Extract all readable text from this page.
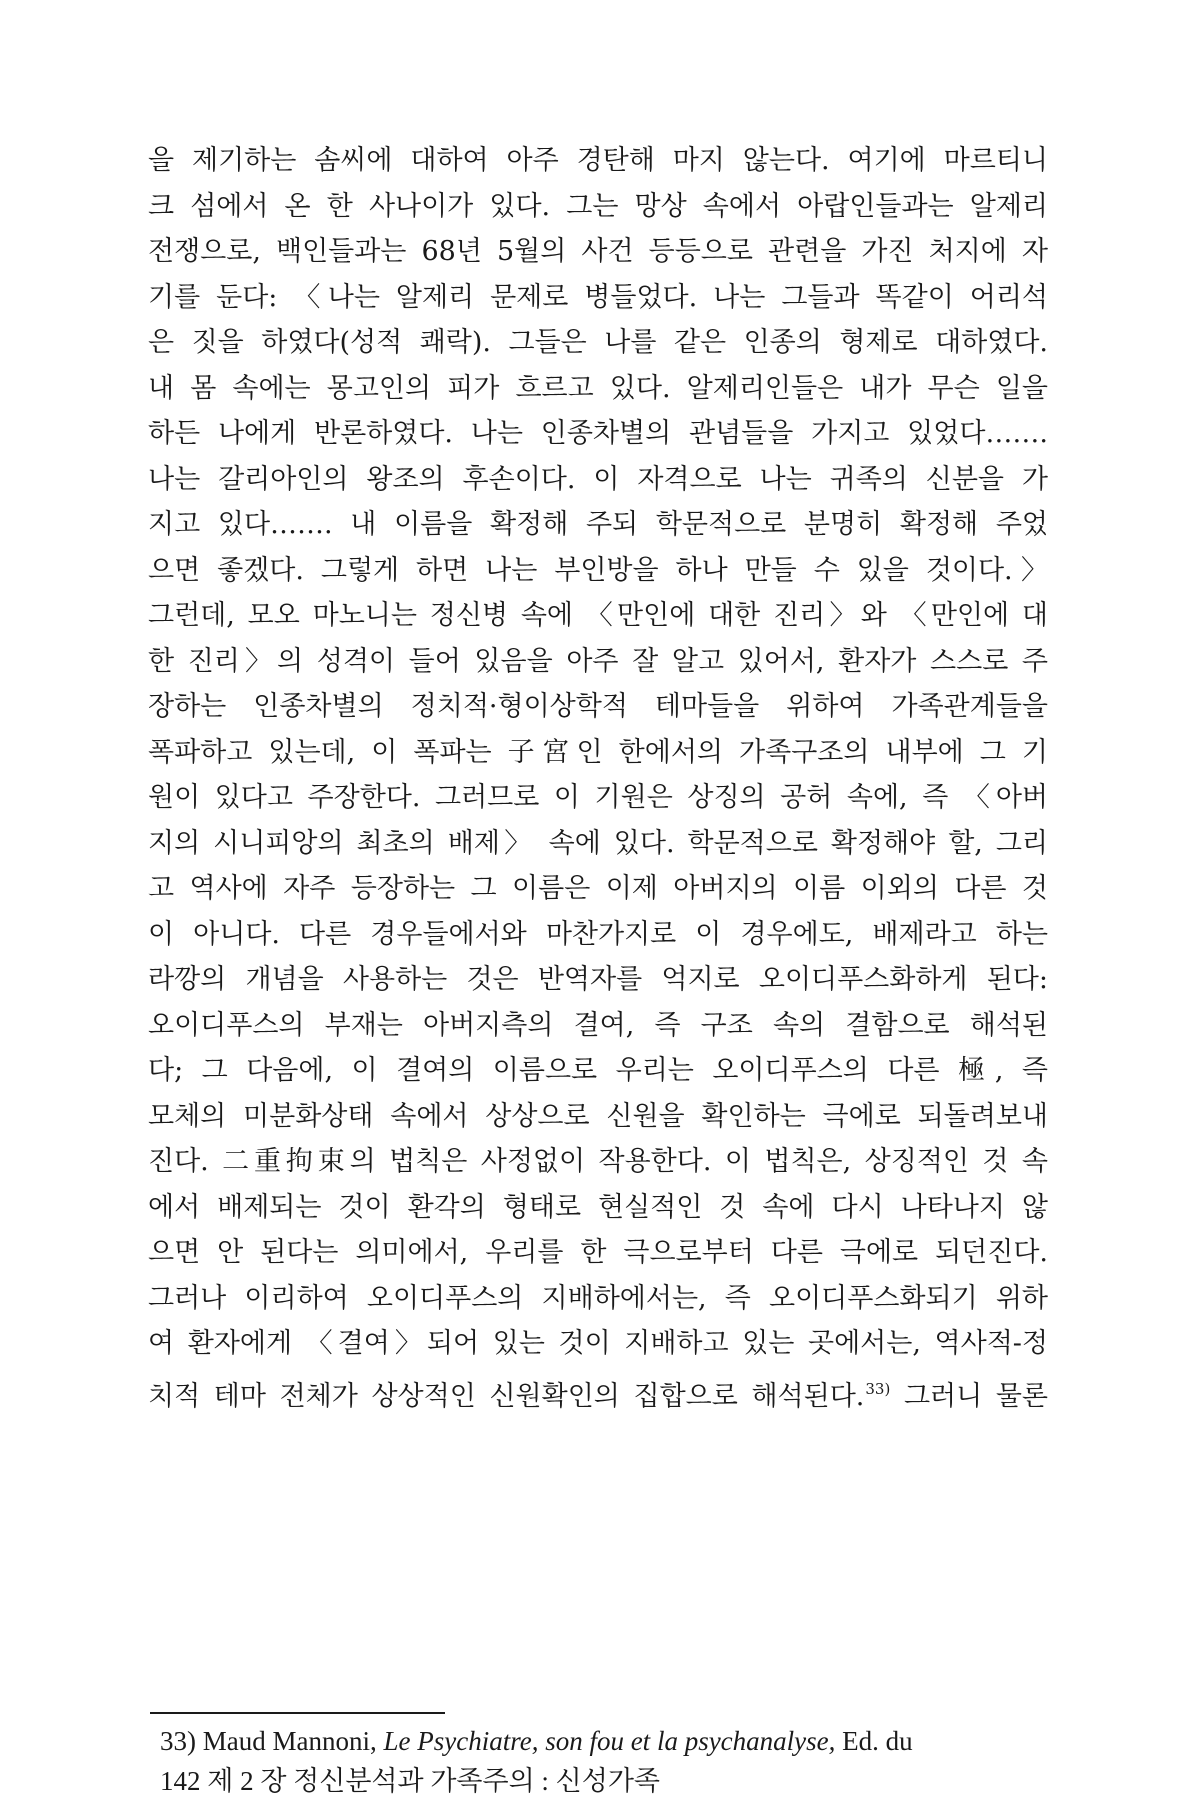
을 제기하는 솜씨에 대하여 아주 경탄해 마지 않는다. 여기에 마르티니
크 섬에서 온 한 사나이가 있다. 그는 망상 속에서 아랍인들과는 알제리
전쟁으로, 백인들과는 68년 5월의 사건 등등으로 관련을 가진 처지에 자
기를 둔다: 〈나는 알제리 문제로 병들었다. 나는 그들과 똑같이 어리석
은 짓을 하였다(성적 쾌락). 그들은 나를 같은 인종의 형제로 대하였다.
내 몸 속에는 몽고인의 피가 흐르고 있다. 알제리인들은 내가 무슨 일을
하든 나에게 반론하였다. 나는 인종차별의 관념들을 가지고 있었다…….
나는 갈리아인의 왕조의 후손이다. 이 자격으로 나는 귀족의 신분을 가
지고 있다……. 내 이름을 확정해 주되 학문적으로 분명히 확정해 주었
으면 좋겠다. 그렇게 하면 나는 부인방을 하나 만들 수 있을 것이다.〉
그런데, 모오 마노니는 정신병 속에 〈만인에 대한 진리〉와 〈만인에 대
한 진리〉의 성격이 들어 있음을 아주 잘 알고 있어서, 환자가 스스로 주
장하는 인종차별의 정치적·형이상학적 테마들을 위하여 가족관계들을
폭파하고 있는데, 이 폭파는 子宮인 한에서의 가족구조의 내부에 그 기
원이 있다고 주장한다. 그러므로 이 기원은 상징의 공허 속에, 즉 〈아버
지의 시니피앙의 최초의 배제〉 속에 있다. 학문적으로 확정해야 할, 그리
고 역사에 자주 등장하는 그 이름은 이제 아버지의 이름 이외의 다른 것
이 아니다. 다른 경우들에서와 마찬가지로 이 경우에도, 배제라고 하는
라깡의 개념을 사용하는 것은 반역자를 억지로 오이디푸스화하게 된다:
오이디푸스의 부재는 아버지측의 결여, 즉 구조 속의 결함으로 해석된
다; 그 다음에, 이 결여의 이름으로 우리는 오이디푸스의 다른 極, 즉
모체의 미분화상태 속에서 상상으로 신원을 확인하는 극에로 되돌려보내
진다. 二重拘束의 법칙은 사정없이 작용한다. 이 법칙은, 상징적인 것 속
에서 배제되는 것이 환각의 형태로 현실적인 것 속에 다시 나타나지 않
으면 안 된다는 의미에서, 우리를 한 극으로부터 다른 극에로 되던진다.
그러나 이리하여 오이디푸스의 지배하에서는, 즉 오이디푸스화되기 위하
여 환자에게 〈결여〉되어 있는 것이 지배하고 있는 곳에서는, 역사적-정
치적 테마 전체가 상상적인 신원확인의 집합으로 해석된다.$^{33)}$ 그러니 물론
33) Maud Mannoni, Le Psychiatre, son fou et la psychanalyse, Ed. du
142 제 2 장 정신분석과 가족주의 : 신성가족
